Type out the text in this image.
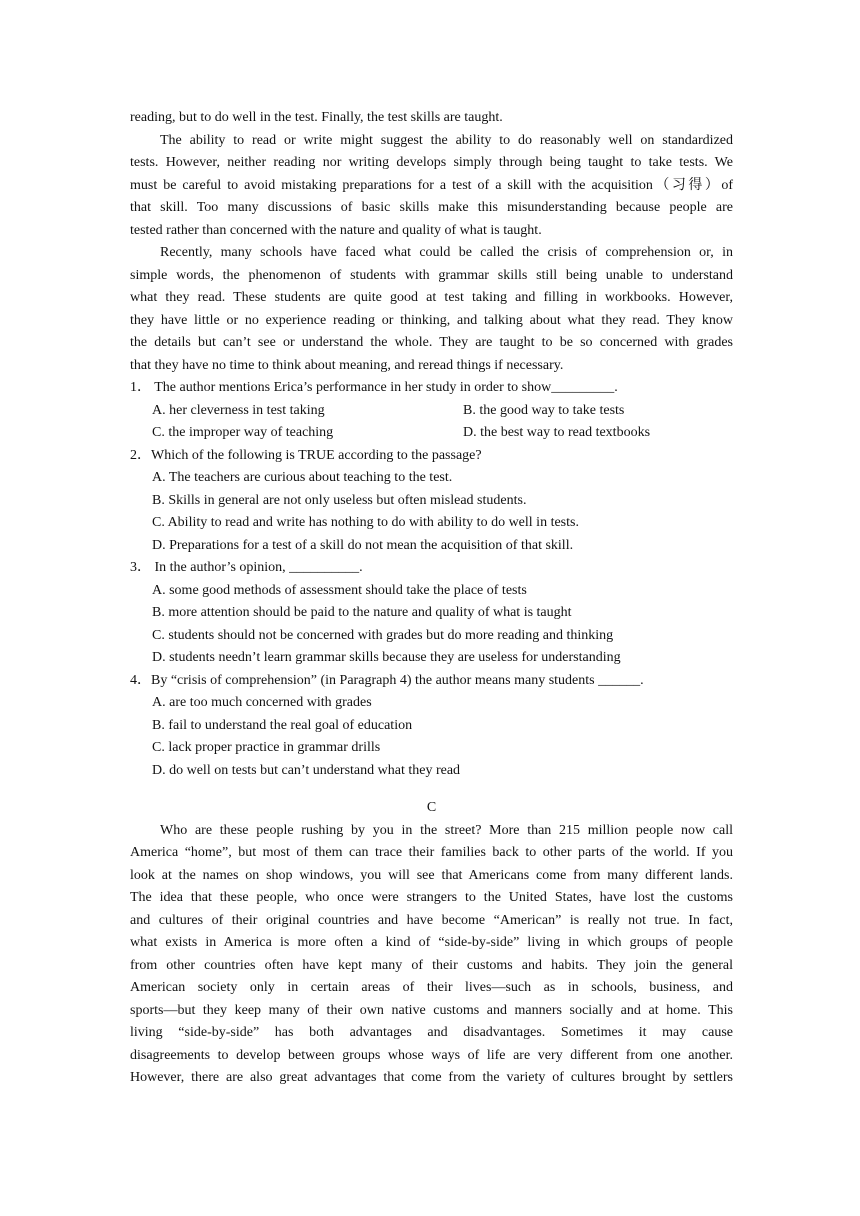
reading, but to do well in the test. Finally, the test skills are taught.
The ability to read or write might suggest the ability to do reasonably well on standardized
tests. However, neither reading nor writing develops simply through being taught to take tests. We
must be careful to avoid mistaking preparations for a test of a skill with the acquisition（习得）of
that skill. Too many discussions of basic skills make this misunderstanding because people are
tested rather than concerned with the nature and quality of what is taught.
Recently, many schools have faced what could be called the crisis of comprehension or, in
simple words, the phenomenon of students with grammar skills still being unable to understand
what they read. These students are quite good at test taking and filling in workbooks. However,
they have little or no experience reading or thinking, and talking about what they read. They know
the details but can’t see or understand the whole. They are taught to be so concerned with grades
that they have no time to think about meaning, and reread things if necessary.
1． The author mentions Erica’s performance in her study in order to show_________.
A. her cleverness in test taking	B. the good way to take tests
C. the improper way of teaching	D. the best way to read textbooks
2．Which of the following is TRUE according to the passage?
A. The teachers are curious about teaching to the test.
B. Skills in general are not only useless but often mislead students.
C. Ability to read and write has nothing to do with ability to do well in tests.
D. Preparations for a test of a skill do not mean the acquisition of that skill.
3． In the author’s opinion, __________.
A. some good methods of assessment should take the place of tests
B. more attention should be paid to the nature and quality of what is taught
C. students should not be concerned with grades but do more reading and thinking
D. students needn’t learn grammar skills because they are useless for understanding
4．By “crisis of comprehension” (in Paragraph 4) the author means many students ______.
A. are too much concerned with grades
B. fail to understand the real goal of education
C. lack proper practice in grammar drills
D. do well on tests but can’t understand what they read
C
Who are these people rushing by you in the street? More than 215 million people now call
America “home”, but most of them can trace their families back to other parts of the world. If you
look at the names on shop windows, you will see that Americans come from many different lands.
The idea that these people, who once were strangers to the United States, have lost the customs
and cultures of their original countries and have become “American” is really not true. In fact,
what exists in America is more often a kind of “side-by-side” living in which groups of people
from other countries often have kept many of their customs and habits. They join the general
American society only in certain areas of their lives—such as in schools, business, and
sports—but they keep many of their own native customs and manners socially and at home. This
living “side-by-side” has both advantages and disadvantages. Sometimes it may cause
disagreements to develop between groups whose ways of life are very different from one another.
However, there are also great advantages that come from the variety of cultures brought by settlers
